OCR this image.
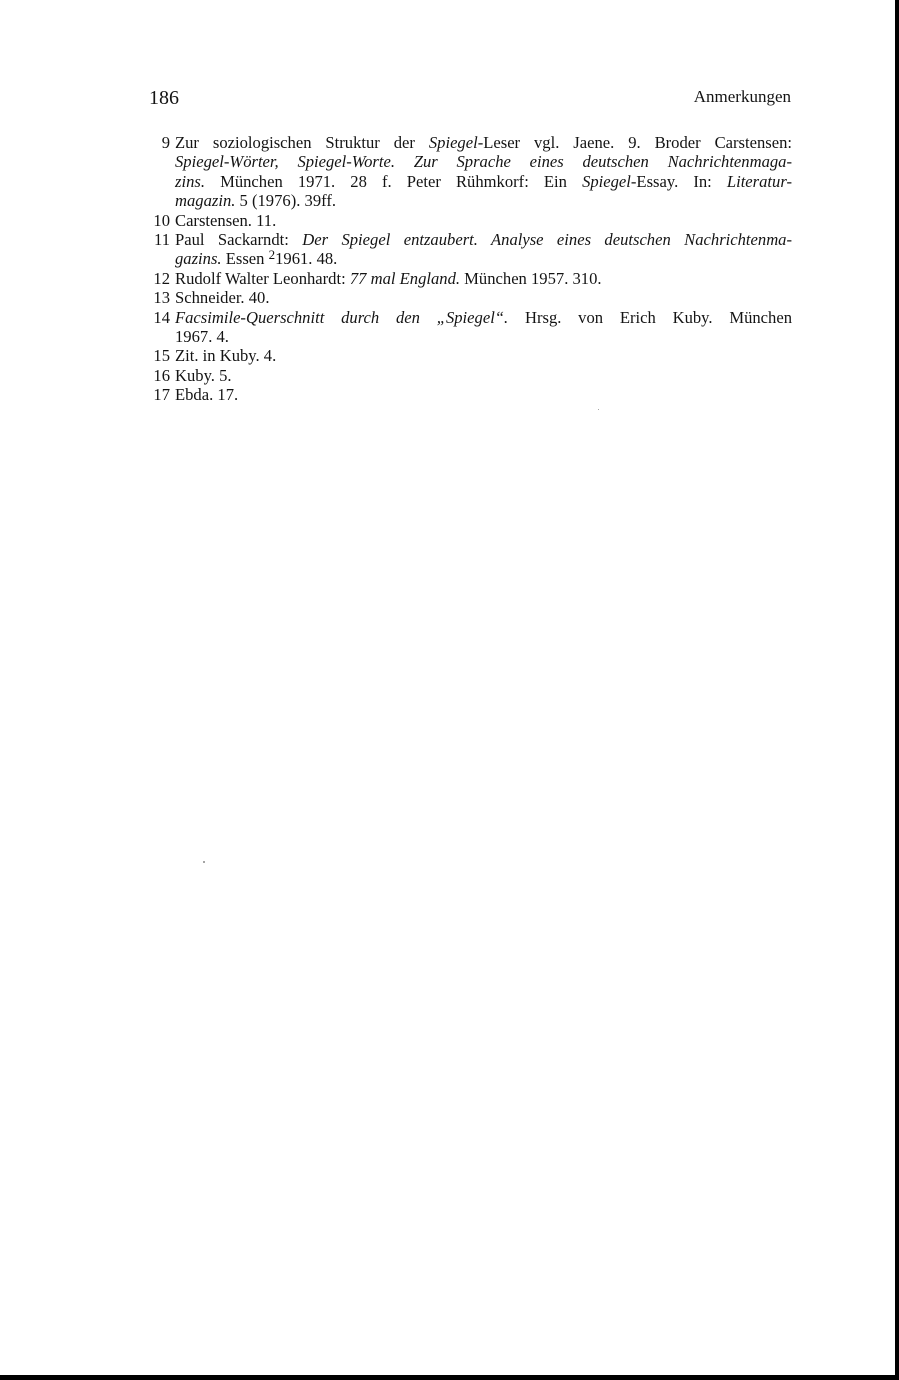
186	Anmerkungen
9 Zur soziologischen Struktur der Spiegel-Leser vgl. Jaene. 9. Broder Carstensen:
Spiegel-Wörter, Spiegel-Worte. Zur Sprache eines deutschen Nachrichtenmaga-
zins. München 1971. 28 f. Peter Rühmkorf: Ein Spiegel-Essay. In: Literatur-
magazin. 5 (1976). 39ff.
10 Carstensen. 11.
11 Paul Sackarndt: Der Spiegel entzaubert. Analyse eines deutschen Nachrichtenma-
gazins. Essen $^2$1961. 48.
12 Rudolf Walter Leonhardt: 77 mal England. München 1957. 310.
13 Schneider. 40.
14 Facsimile-Querschnitt durch den „Spiegel“. Hrsg. von Erich Kuby. München
1967. 4.
15 Zit. in Kuby. 4.
16 Kuby. 5.
17 Ebda. 17.
